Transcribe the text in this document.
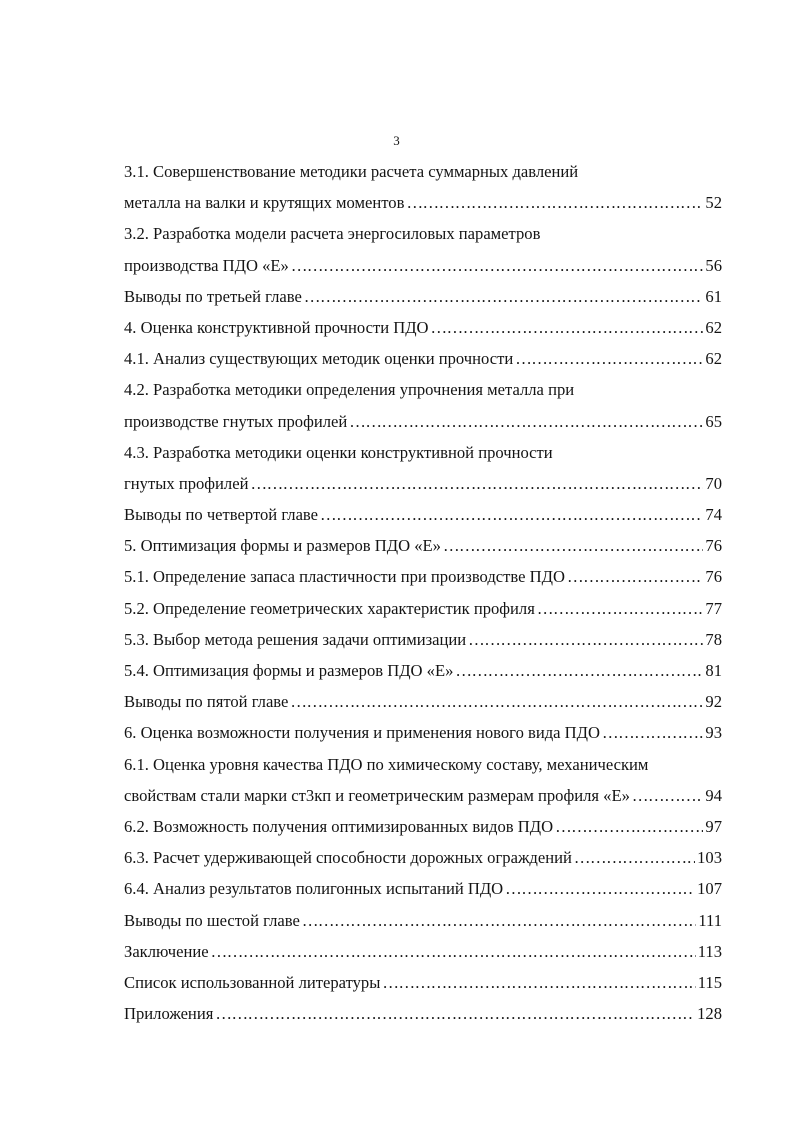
3
3.1. Совершенствование методики расчета суммарных давлений
металла на валки и крутящих моментов ……………………………………………………………………………………………………………………………………………………………………………………………	52
3.2. Разработка модели расчета энергосиловых параметров
производства ПДО «Е» ……………………………………………………………………………………………………………………………………………………………………………………………	56
Выводы по третьей главе ……………………………………………………………………………………………………………………………………………………………………………………………	61
4. Оценка конструктивной прочности ПДО ……………………………………………………………………………………………………………………………………………………………………………………………	62
4.1. Анализ существующих методик оценки прочности ……………………………………………………………………………………………………………………………………………………………………………………………	62
4.2. Разработка методики определения упрочнения металла при
производстве гнутых профилей ……………………………………………………………………………………………………………………………………………………………………………………………	65
4.3. Разработка методики оценки конструктивной прочности
гнутых профилей ……………………………………………………………………………………………………………………………………………………………………………………………	70
Выводы по четвертой главе ……………………………………………………………………………………………………………………………………………………………………………………………	74
5. Оптимизация формы и размеров ПДО «Е» ……………………………………………………………………………………………………………………………………………………………………………………………	76
5.1. Определение запаса пластичности при производстве ПДО ……………………………………………………………………………………………………………………………………………………………………………………………	76
5.2. Определение геометрических характеристик профиля ……………………………………………………………………………………………………………………………………………………………………………………………	77
5.3. Выбор метода решения задачи оптимизации ……………………………………………………………………………………………………………………………………………………………………………………………	78
5.4. Оптимизация формы и размеров ПДО «Е» ……………………………………………………………………………………………………………………………………………………………………………………………	81
Выводы по пятой главе ……………………………………………………………………………………………………………………………………………………………………………………………	92
6. Оценка возможности получения и применения нового вида ПДО ……………………………………………………………………………………………………………………………………………………………………………………………	93
6.1. Оценка уровня качества ПДО по химическому составу, механическим
свойствам стали марки ст3кп и геометрическим размерам профиля «Е» ……………………………………………………………………………………………………………………………………………………………………………………………	94
6.2. Возможность получения оптимизированных видов ПДО ……………………………………………………………………………………………………………………………………………………………………………………………	97
6.3. Расчет удерживающей способности дорожных ограждений ……………………………………………………………………………………………………………………………………………………………………………………………	103
6.4. Анализ результатов полигонных испытаний ПДО ……………………………………………………………………………………………………………………………………………………………………………………………	107
Выводы по шестой главе ……………………………………………………………………………………………………………………………………………………………………………………………	111
Заключение ……………………………………………………………………………………………………………………………………………………………………………………………	113
Список использованной литературы ……………………………………………………………………………………………………………………………………………………………………………………………	115
Приложения ……………………………………………………………………………………………………………………………………………………………………………………………	128
